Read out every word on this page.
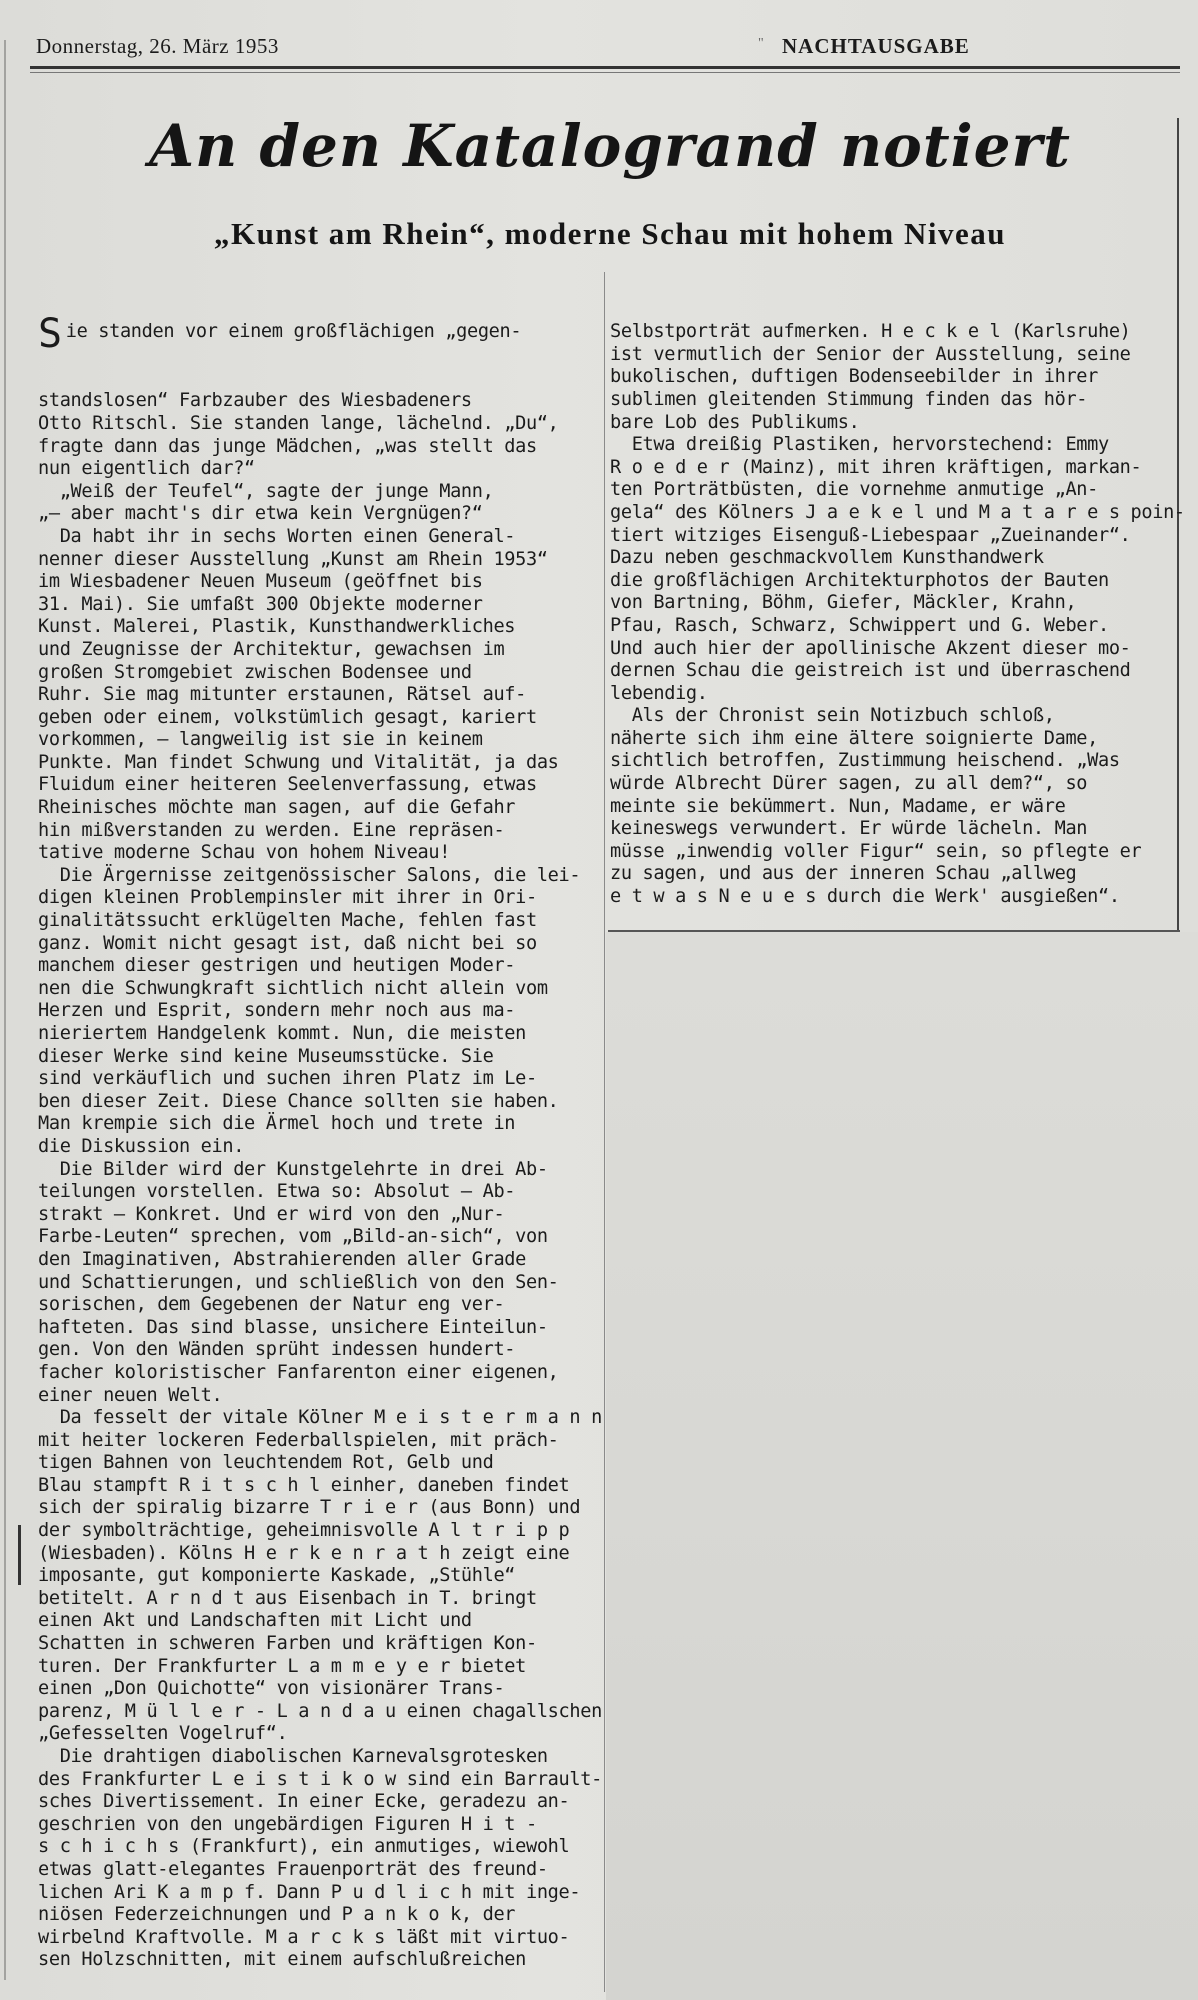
Donnerstag, 26. März 1953	" NACHTAUSGABE
An den Katalogrand notiert
„Kunst am Rhein“, moderne Schau mit hohem Niveau

Sie standen vor einem großflächigen „gegen-

standslosen“ Farbzauber des Wiesbadeners
Otto Ritschl. Sie standen lange, lächelnd. „Du“,
fragte dann das junge Mädchen, „was stellt das
nun eigentlich dar?“
„Weiß der Teufel“, sagte der junge Mann,
„— aber macht's dir etwa kein Vergnügen?“
Da habt ihr in sechs Worten einen General-
nenner dieser Ausstellung „Kunst am Rhein 1953“
im Wiesbadener Neuen Museum (geöffnet bis
31. Mai). Sie umfaßt 300 Objekte moderner
Kunst. Malerei, Plastik, Kunsthandwerkliches
und Zeugnisse der Architektur, gewachsen im
großen Stromgebiet zwischen Bodensee und
Ruhr. Sie mag mitunter erstaunen, Rätsel auf-
geben oder einem, volkstümlich gesagt, kariert
vorkommen, — langweilig ist sie in keinem
Punkte. Man findet Schwung und Vitalität, ja das
Fluidum einer heiteren Seelenverfassung, etwas
Rheinisches möchte man sagen, auf die Gefahr
hin mißverstanden zu werden. Eine repräsen-
tative moderne Schau von hohem Niveau!
Die Ärgernisse zeitgenössischer Salons, die lei-
digen kleinen Problempinsler mit ihrer in Ori-
ginalitätssucht erklügelten Mache, fehlen fast
ganz. Womit nicht gesagt ist, daß nicht bei so
manchem dieser gestrigen und heutigen Moder-
nen die Schwungkraft sichtlich nicht allein vom
Herzen und Esprit, sondern mehr noch aus ma-
nieriertem Handgelenk kommt. Nun, die meisten
dieser Werke sind keine Museumsstücke. Sie
sind verkäuflich und suchen ihren Platz im Le-
ben dieser Zeit. Diese Chance sollten sie haben.
Man krempie sich die Ärmel hoch und trete in
die Diskussion ein.
Die Bilder wird der Kunstgelehrte in drei Ab-
teilungen vorstellen. Etwa so: Absolut — Ab-
strakt — Konkret. Und er wird von den „Nur-
Farbe-Leuten“ sprechen, vom „Bild-an-sich“, von
den Imaginativen, Abstrahierenden aller Grade
und Schattierungen, und schließlich von den Sen-
sorischen, dem Gegebenen der Natur eng ver-
hafteten. Das sind blasse, unsichere Einteilun-
gen. Von den Wänden sprüht indessen hundert-
facher koloristischer Fanfarenton einer eigenen,
einer neuen Welt.
Da fesselt der vitale Kölner M e i s t e r m a n n
mit heiter lockeren Federballspielen, mit präch-
tigen Bahnen von leuchtendem Rot, Gelb und
Blau stampft R i t s c h l einher, daneben findet
sich der spiralig bizarre T r i e r (aus Bonn) und
der symbolträchtige, geheimnisvolle A l t r i p p
(Wiesbaden). Kölns H e r k e n r a t h zeigt eine
imposante, gut komponierte Kaskade, „Stühle“
betitelt. A r n d t aus Eisenbach in T. bringt
einen Akt und Landschaften mit Licht und
Schatten in schweren Farben und kräftigen Kon-
turen. Der Frankfurter L a m m e y e r bietet
einen „Don Quichotte“ von visionärer Trans-
parenz, M ü l l e r - L a n d a u einen chagallschen
„Gefesselten Vogelruf“.
Die drahtigen diabolischen Karnevalsgrotesken
des Frankfurter L e i s t i k o w sind ein Barrault-
sches Divertissement. In einer Ecke, geradezu an-
geschrien von den ungebärdigen Figuren H i t -
s c h i c h s (Frankfurt), ein anmutiges, wiewohl
etwas glatt-elegantes Frauenporträt des freund-
lichen Ari K a m p f. Dann P u d l i c h mit inge-
niösen Federzeichnungen und P a n k o k, der
wirbelnd Kraftvolle. M a r c k s läßt mit virtuo-
sen Holzschnitten, mit einem aufschlußreichen

Selbstporträt aufmerken. H e c k e l (Karlsruhe)
ist vermutlich der Senior der Ausstellung, seine
bukolischen, duftigen Bodenseebilder in ihrer
sublimen gleitenden Stimmung finden das hör-
bare Lob des Publikums.
Etwa dreißig Plastiken, hervorstechend: Emmy
R o e d e r (Mainz), mit ihren kräftigen, markan-
ten Porträtbüsten, die vornehme anmutige „An-
gela“ des Kölners J a e k e l und M a t a r e s poin-
tiert witziges Eisenguß-Liebespaar „Zueinander“.
Dazu neben geschmackvollem Kunsthandwerk
die großflächigen Architekturphotos der Bauten
von Bartning, Böhm, Giefer, Mäckler, Krahn,
Pfau, Rasch, Schwarz, Schwippert und G. Weber.
Und auch hier der apollinische Akzent dieser mo-
dernen Schau die geistreich ist und überraschend
lebendig.
Als der Chronist sein Notizbuch schloß,
näherte sich ihm eine ältere soignierte Dame,
sichtlich betroffen, Zustimmung heischend. „Was
würde Albrecht Dürer sagen, zu all dem?“, so
meinte sie bekümmert. Nun, Madame, er wäre
keineswegs verwundert. Er würde lächeln. Man
müsse „inwendig voller Figur“ sein, so pflegte er
zu sagen, und aus der inneren Schau „allweg
e t w a s N e u e s durch die Werk' ausgießen“.
